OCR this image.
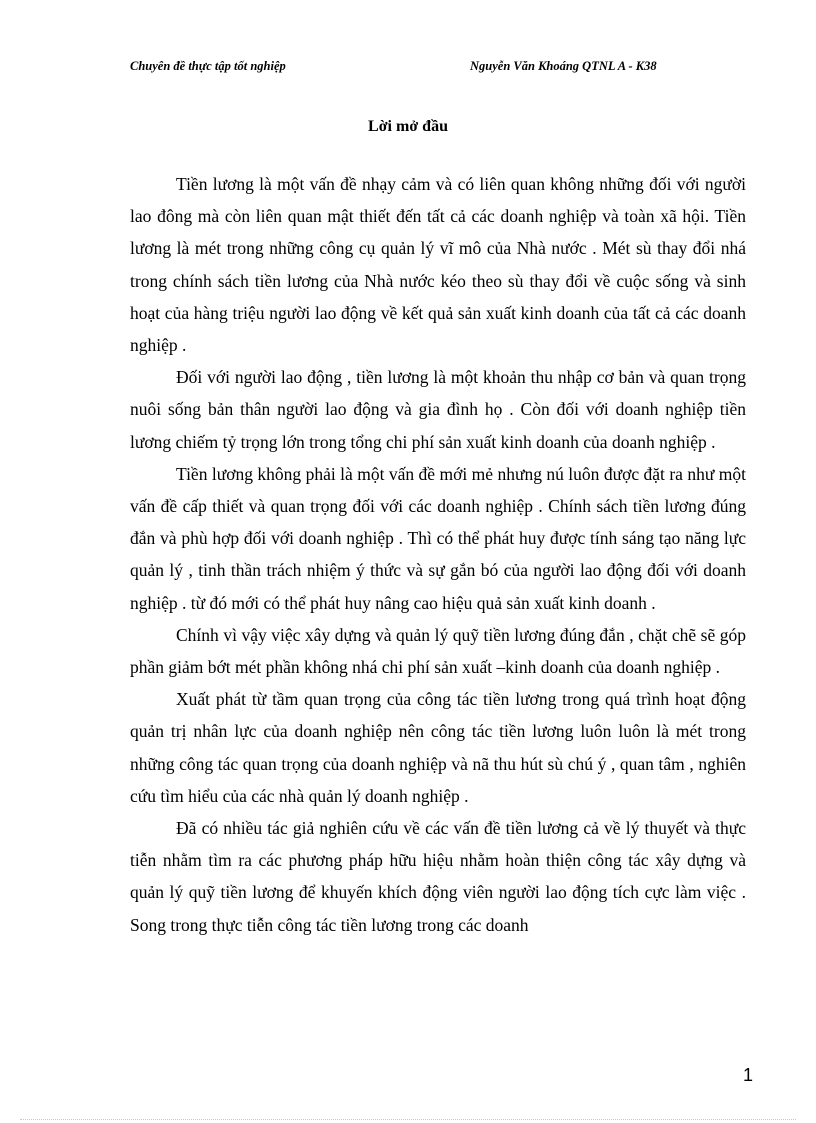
Chuyên đề thực tập tốt nghiệp	Nguyễn Văn Khoáng QTNL A - K38
Lời mở đầu

Tiền lương là một vấn đề nhạy cảm và có liên quan không những đối với người lao đông mà còn liên quan mật thiết đến tất cả các doanh nghiệp và toàn xã hội. Tiền lương là mét trong những công cụ quản lý vĩ mô của Nhà nước . Mét sù thay đổi nhá trong chính sách tiền lương của Nhà nước kéo theo sù thay đổi về cuộc sống và sinh hoạt của hàng triệu người lao động về kết quả sản xuất kinh doanh của tất cả các doanh nghiệp .

Đối với người lao động , tiền lương là một khoản thu nhập cơ bản và quan trọng nuôi sống bản thân người lao động và gia đình họ . Còn đối với doanh nghiệp tiền lương chiếm tỷ trọng lớn trong tổng chi phí sản xuất kinh doanh của doanh nghiệp .

Tiền lương không phải là một vấn đề mới mẻ nhưng nú luôn được đặt ra như một vấn đề cấp thiết và quan trọng đối với các doanh nghiệp . Chính sách tiền lương đúng đắn và phù hợp đối với doanh nghiệp . Thì có thể phát huy được tính sáng tạo năng lực quản lý , tinh thần trách nhiệm ý thức và sự gắn bó của người lao động đối với doanh nghiệp . từ đó mới có thể phát huy nâng cao hiệu quả sản xuất kinh doanh .

Chính vì vậy việc xây dựng và quản lý quỹ tiền lương đúng đắn , chặt chẽ sẽ góp phần giảm bớt mét phần không nhá chi phí sản xuất –kinh doanh của doanh nghiệp .

Xuất phát từ tầm quan trọng của công tác tiền lương trong quá trình hoạt động quản trị nhân lực của doanh nghiệp nên công tác tiền lương luôn luôn là mét trong những công tác quan trọng của doanh nghiệp và nã thu hút sù chú ý , quan tâm , nghiên cứu tìm hiểu của các nhà quản lý doanh nghiệp .

Đã có nhiều tác giả nghiên cứu về các vấn đề tiền lương cả về lý thuyết và thực tiễn nhằm tìm ra các phương pháp hữu hiệu nhằm hoàn thiện công tác xây dựng và quản lý quỹ tiền lương để khuyến khích động viên người lao động tích cực làm việc . Song trong thực tiễn công tác tiền lương trong các doanh

1
